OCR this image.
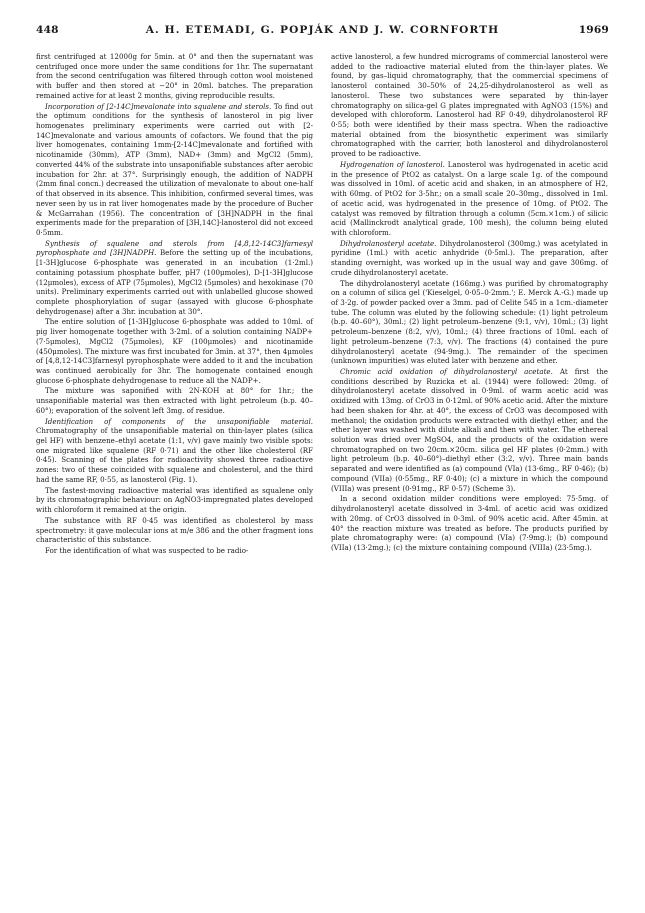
448	A. H. ETEMADI, G. POPJÁK AND J. W. CORNFORTH	1969

first centrifuged at 12000g for 5min. at 0° and then the supernatant was centrifuged once more under the same conditions for 1hr. The supernatant from the second centrifugation was filtered through cotton wool moistened with buffer and then stored at −20° in 20ml. batches. The preparation remained active for at least 2 months, giving reproducible results.

Incorporation of [2-14C]mevalonate into squalene and sterols. To find out the optimum conditions for the synthesis of lanosterol in pig liver homogenates preliminary experiments were carried out with [2-14C]mevalonate and various amounts of cofactors. We found that the pig liver homogenates, containing 1mm-[2-14C]mevalonate and fortified with nicotinamide (30mm), ATP (3mm), NAD+ (3mm) and MgCl2 (5mm), converted 44% of the substrate into unsaponifiable substances after aerobic incubation for 2hr. at 37°. Surprisingly enough, the addition of NADPH (2mm final concn.) decreased the utilization of mevalonate to about one-half of that observed in its absence. This inhibition, confirmed several times, was never seen by us in rat liver homogenates made by the procedure of Bucher & McGarrahan (1956). The concentration of [3H]NADPH in the final experiments made for the preparation of [3H,14C]-lanosterol did not exceed 0·5mm.

Synthesis of squalene and sterols from [4,8,12-14C3]farnesyl pyrophosphate and [3H]NADPH. Before the setting up of the incubations, [1-3H]glucose 6-phosphate was generated in an incubation (1·2ml.) containing potassium phosphate buffer, pH7 (100μmoles), D-[1-3H]glucose (12μmoles), excess of ATP (75μmoles), MgCl2 (5μmoles) and hexokinase (70 units). Preliminary experiments carried out with unlabelled glucose showed complete phosphorylation of sugar (assayed with glucose 6-phosphate dehydrogenase) after a 3hr. incubation at 30°.

The entire solution of [1-3H]glucose 6-phosphate was added to 10ml. of pig liver homogenate together with 3·2ml. of a solution containing NADP+ (7·5μmoles), MgCl2 (75μmoles), KF (100μmoles) and nicotinamide (450μmoles). The mixture was first incubated for 3min. at 37°, then 4μmoles of [4,8,12-14C3]farnesyl pyrophosphate were added to it and the incubation was continued aerobically for 3hr. The homogenate contained enough glucose 6-phosphate dehydrogenase to reduce all the NADP+.

The mixture was saponified with 2N-KOH at 80° for 1hr.; the unsaponifiable material was then extracted with light petroleum (b.p. 40–60°); evaporation of the solvent left 3mg. of residue.

Identification of components of the unsaponifiable material. Chromatography of the unsaponifiable material on thin-layer plates (silica gel HF) with benzene–ethyl acetate (1:1, v/v) gave mainly two visible spots: one migrated like squalene (RF 0·71) and the other like cholesterol (RF 0·45). Scanning of the plates for radioactivity showed three radioactive zones: two of these coincided with squalene and cholesterol, and the third had the same RF, 0·55, as lanosterol (Fig. 1).

The fastest-moving radioactive material was identified as squalene only by its chromatographic behaviour: on AgNO3-impregnated plates developed with chloroform it remained at the origin.

The substance with RF 0·45 was identified as cholesterol by mass spectrometry: it gave molecular ions at m/e 386 and the other fragment ions characteristic of this substance.

For the identification of what was suspected to be radio-

active lanosterol, a few hundred micrograms of commercial lanosterol were added to the radioactive material eluted from the thin-layer plates. We found, by gas–liquid chromatography, that the commercial specimens of lanosterol contained 30–50% of 24,25-dihydrolanosterol as well as lanosterol. These two substances were separated by thin-layer chromatography on silica-gel G plates impregnated with AgNO3 (15%) and developed with chloroform. Lanosterol had RF 0·49, dihydrolanosterol RF 0·55; both were identified by their mass spectra. When the radioactive material obtained from the biosynthetic experiment was similarly chromatographed with the carrier, both lanosterol and dihydrolanosterol proved to be radioactive.

Hydrogenation of lanosterol. Lanosterol was hydrogenated in acetic acid in the presence of PtO2 as catalyst. On a large scale 1g. of the compound was dissolved in 10ml. of acetic acid and shaken, in an atmosphere of H2, with 60mg. of PtO2 for 3·5hr.; on a small scale 20–30mg., dissolved in 1ml. of acetic acid, was hydrogenated in the presence of 10mg. of PtO2. The catalyst was removed by filtration through a column (5cm.×1cm.) of silicic acid (Mallinckrodt analytical grade, 100 mesh), the column being eluted with chloroform.

Dihydrolanosteryl acetate. Dihydrolanosterol (300mg.) was acetylated in pyridine (1ml.) with acetic anhydride (0·5ml.). The preparation, after standing overnight, was worked up in the usual way and gave 306mg. of crude dihydrolanosteryl acetate.

The dihydrolanosteryl acetate (166mg.) was purified by chromatography on a column of silica gel ('Kieselgel, 0·05–0·2mm.'; E. Merck A.-G.) made up of 3·2g. of powder packed over a 3mm. pad of Celite 545 in a 1cm.-diameter tube. The column was eluted by the following schedule: (1) light petroleum (b.p. 40–60°), 30ml.; (2) light petroleum–benzene (9:1, v/v), 10ml.; (3) light petroleum–benzene (8:2, v/v), 10ml.; (4) three fractions of 10ml. each of light petroleum–benzene (7:3, v/v). The fractions (4) contained the pure dihydrolanosteryl acetate (94·9mg.). The remainder of the specimen (unknown impurities) was eluted later with benzene and ether.

Chromic acid oxidation of dihydrolanosteryl acetate. At first the conditions described by Ruzicka et al. (1944) were followed: 20mg. of dihydrolanosteryl acetate dissolved in 0·9ml. of warm acetic acid was oxidized with 13mg. of CrO3 in 0·12ml. of 90% acetic acid. After the mixture had been shaken for 4hr. at 40°, the excess of CrO3 was decomposed with methanol; the oxidation products were extracted with diethyl ether, and the ether layer was washed with dilute alkali and then with water. The ethereal solution was dried over MgSO4, and the products of the oxidation were chromatographed on two 20cm.×20cm. silica gel HF plates (0·2mm.) with light petroleum (b.p. 40–60°)–diethyl ether (3:2, v/v). Three main bands separated and were identified as (a) compound (VIa) (13·6mg., RF 0·46); (b) compound (VIIa) (0·55mg., RF 0·40); (c) a mixture in which the compound (VIIIa) was present (0·91mg., RF 0·57) (Scheme 3).

In a second oxidation milder conditions were employed: 75·5mg. of dihydrolanosteryl acetate dissolved in 3·4ml. of acetic acid was oxidized with 20mg. of CrO3 dissolved in 0·3ml. of 90% acetic acid. After 45min. at 40° the reaction mixture was treated as before. The products purified by plate chromatography were: (a) compound (VIa) (7·9mg.); (b) compound (VIIa) (13·2mg.); (c) the mixture containing compound (VIIIa) (23·5mg.).
